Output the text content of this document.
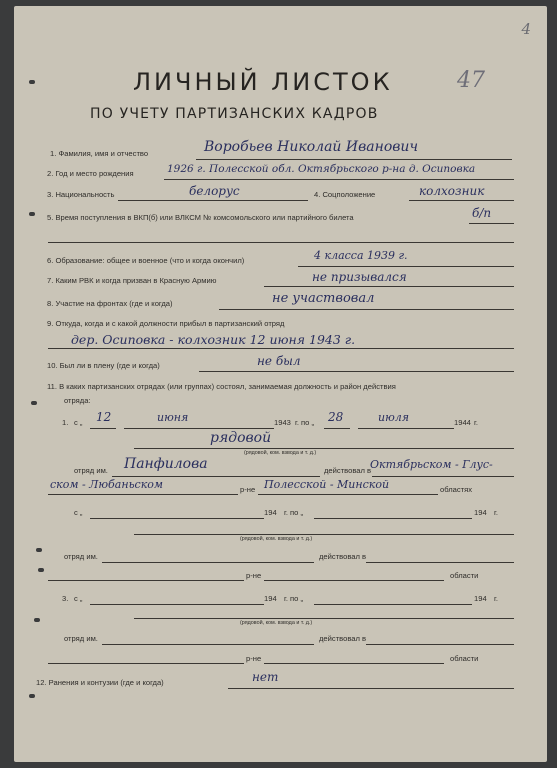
4
ЛИЧНЫЙ ЛИСТОК	47
ПО УЧЕТУ ПАРТИЗАНСКИХ КАДРОВ
1. Фамилия, имя и отчество	Воробьев Николай Иванович
2. Год и место рождения	1926 г. Полесской обл. Октябрьского р-на д. Осиповка
3. Национальность	белорус	4. Соцположение	колхозник
5. Время поступления в ВКП(б) или ВЛКСМ № комсомольского или партийного билета	б/п
6. Образование: общее и военное (что и когда окончил)	4 класса 1939 г.
7. Каким РВК и когда призван в Красную Армию	не призывался
8. Участие на фронтах (где и когда)	не участвовал
9. Откуда, когда и с какой должности прибыл в партизанский отряд
дер. Осиповка - колхозник 12 июня 1943 г.
10. Был ли в плену (где и когда)	не был
11. В каких партизанских отрядах (или группах) состоял, занимаемая должность и район действия
отряда:
1. с „ 12	июня	1943 г. по „ 28	июля	1944 г.
рядовой
(рядовой, ком. взвода и т. д.)
отряд им. Панфилова	действовал в
Октябрьском - Глус-
ском - Любаньском	р-не Полесской - Минской	областях
с „	194 г. по „	194 г.
(рядовой, ком. взвода и т. д.)
отряд им.	действовал в
р-не	области
3. с „	194 г. по „	194 г.
(рядовой, ком. взвода и т. д.)
отряд им.	действовал в
р-не	области
12. Ранения и контузии (где и когда)	нет
